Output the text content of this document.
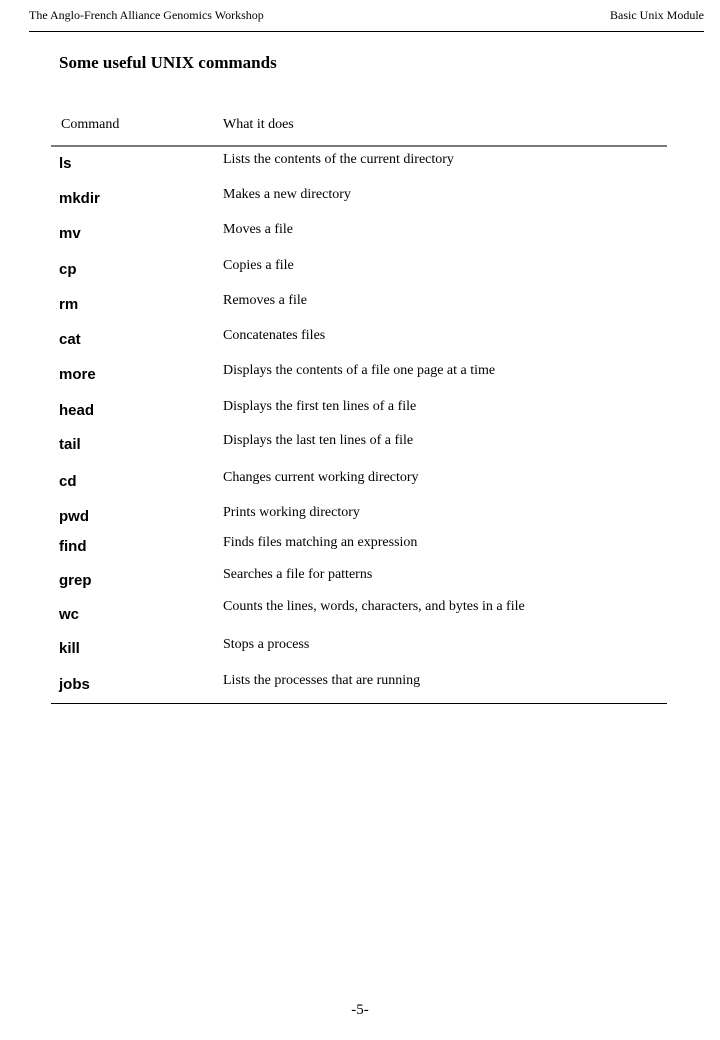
The Anglo-French Alliance Genomics Workshop	Basic Unix Module
Some useful UNIX commands
Command	What it does
ls	Lists the contents of the current directory
mkdir	Makes a new directory
mv	Moves a file
cp	Copies a file
rm	Removes a file
cat	Concatenates files
more	Displays the contents of a file one page at a time
head	Displays the first ten lines of a file
tail	Displays the last ten lines of a file
cd	Changes current working directory
pwd	Prints working directory
find	Finds files matching an expression
grep	Searches a file for patterns
wc	Counts the lines, words, characters, and bytes in a file
kill	Stops a process
jobs	Lists the processes that are running
-5-
